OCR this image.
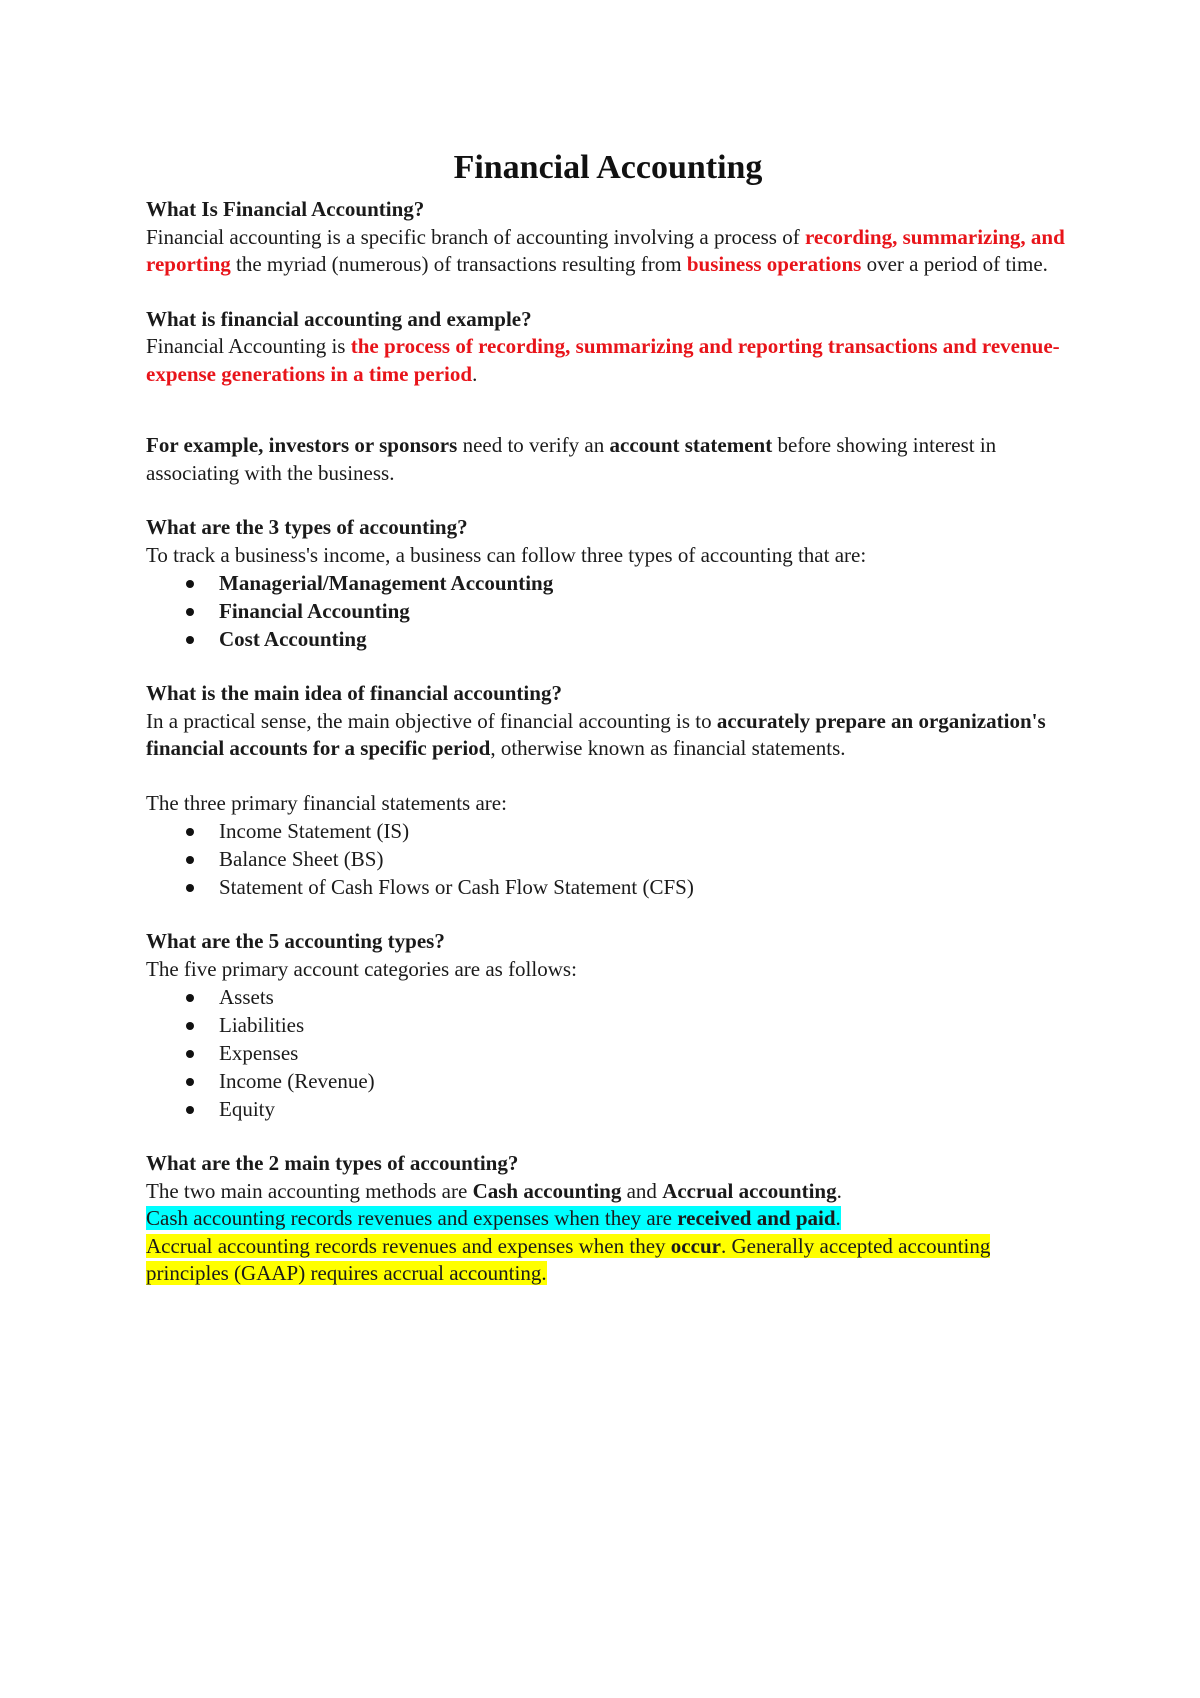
Financial Accounting

What Is Financial Accounting?

Financial accounting is a specific branch of accounting involving a process of recording, summarizing, and reporting the myriad (numerous) of transactions resulting from business operations over a period of time.

What is financial accounting and example?

Financial Accounting is the process of recording, summarizing and reporting transactions and revenue-expense generations in a time period.

For example, investors or sponsors need to verify an account statement before showing interest in associating with the business.

What are the 3 types of accounting?

To track a business's income, a business can follow three types of accounting that are:

Managerial/Management Accounting
Financial Accounting
Cost Accounting

What is the main idea of financial accounting?

In a practical sense, the main objective of financial accounting is to accurately prepare an organization's financial accounts for a specific period, otherwise known as financial statements.

The three primary financial statements are:

Income Statement (IS)
Balance Sheet (BS)
Statement of Cash Flows or Cash Flow Statement (CFS)

What are the 5 accounting types?

The five primary account categories are as follows:

Assets
Liabilities
Expenses
Income (Revenue)
Equity

What are the 2 main types of accounting?

The two main accounting methods are Cash accounting and Accrual accounting.

Cash accounting records revenues and expenses when they are received and paid.

Accrual accounting records revenues and expenses when they occur. Generally accepted accounting principles (GAAP) requires accrual accounting.
